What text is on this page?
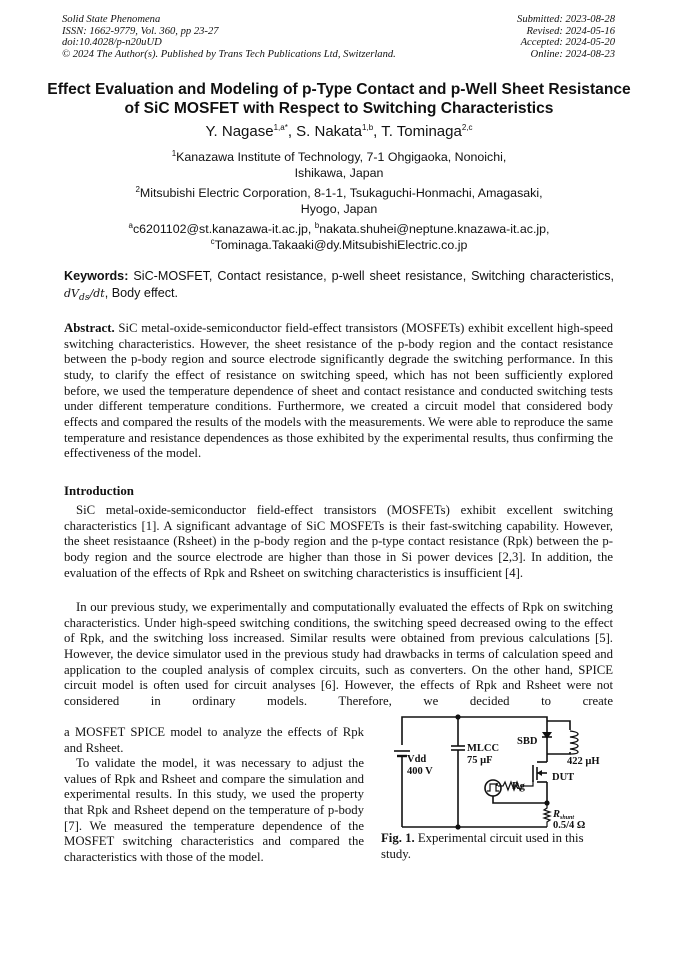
Solid State Phenomena
ISSN: 1662-9779, Vol. 360, pp 23-27
doi:10.4028/p-n20uUD
© 2024 The Author(s). Published by Trans Tech Publications Ltd, Switzerland.
Submitted: 2023-08-28
Revised: 2024-05-16
Accepted: 2024-05-20
Online: 2024-08-23
Effect Evaluation and Modeling of p-Type Contact and p-Well Sheet Resistance of SiC MOSFET with Respect to Switching Characteristics
Y. Nagase$^{1,a*}$, S. Nakata$^{1,b}$, T. Tominaga$^{2,c}$
$^1$Kanazawa Institute of Technology, 7-1 Ohgigaoka, Nonoichi,
Ishikawa, Japan
$^2$Mitsubishi Electric Corporation, 8-1-1, Tsukaguchi-Honmachi, Amagasaki,
Hyogo, Japan
$^a$c6201102@st.kanazawa-it.ac.jp, $^b$nakata.shuhei@neptune.knazawa-it.ac.jp,
$^c$Tominaga.Takaaki@dy.MitsubishiElectric.co.jp
Keywords: SiC-MOSFET, Contact resistance, p-well sheet resistance, Switching characteristics, $dV_{ds}/dt$, Body effect.
Abstract. SiC metal-oxide-semiconductor field-effect transistors (MOSFETs) exhibit excellent high-speed switching characteristics. However, the sheet resistance of the p-body region and the contact resistance between the p-body region and source electrode significantly degrade the switching performance. In this study, to clarify the effect of resistance on switching speed, which has not been sufficiently explored before, we used the temperature dependence of sheet and contact resistance and conducted switching tests under different temperature conditions. Furthermore, we created a circuit model that considered body effects and compared the results of the models with the measurements. We were able to reproduce the same temperature and resistance dependences as those exhibited by the experimental results, thus confirming the effectiveness of the model.
Introduction
SiC metal-oxide-semiconductor field-effect transistors (MOSFETs) exhibit excellent switching characteristics [1]. A significant advantage of SiC MOSFETs is their fast-switching capability. However, the sheet resistaance (Rsheet) in the p-body region and the p-type contact resistance (Rpk) between the p-body region and the source electrode are higher than those in Si power devices [2,3]. In addition, the evaluation of the effects of Rpk and Rsheet on switching characteristics is insufficient [4].
In our previous study, we experimentally and computationally evaluated the effects of Rpk on switching characteristics. Under high-speed switching conditions, the switching speed decreased owing to the effect of Rpk, and the switching loss increased. Similar results were obtained from previous calculations [5]. However, the device simulator used in the previous study had drawbacks in terms of calculation speed and application to the coupled analysis of complex circuits, such as converters. On the other hand, SPICE circuit model is often used for circuit analyses [6]. However, the effects of Rpk and Rsheet were not considered in ordinary models. Therefore, we decided to create
a MOSFET SPICE model to analyze the effects of Rpk and Rsheet.
To validate the model, it was necessary to adjust the values of Rpk and Rsheet and compare the simulation and experimental results. In this study, we used the property that Rpk and Rsheet depend on the temperature of p-body [7]. We measured the temperature dependence of the MOSFET switching characteristics and compared the characteristics with those of the model.
Vdd
400 V
MLCC
75 µF
SBD
422 µH
DUT
Rg
Rshunt
0.5/4 Ω
Fig. 1. Experimental circuit used in this study.
